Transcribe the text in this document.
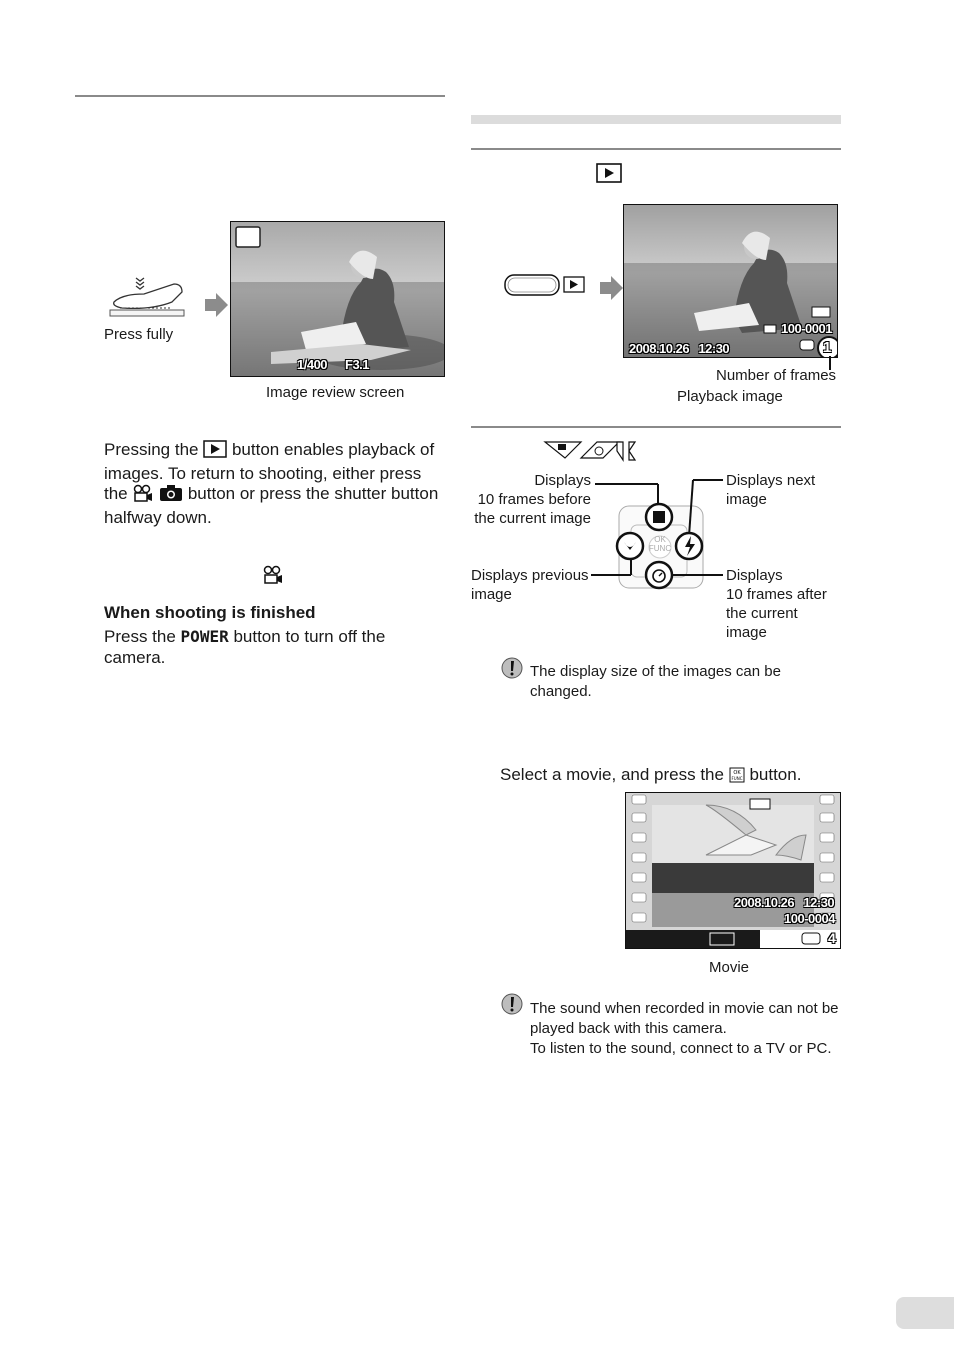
Press fully
1/400 F3.1
Image review screen
Pressing the button enables playback of images. To return to shooting, either press the	button or press the shutter button halfway down.
When shooting is finished
Press the POWER button to turn off the camera.
100-0001
2008.10.26   12:30	1
Number of frames
Playback image
OK
FUNC
Displays
10 frames before
the current image
Displays next
image
Displays previous
image
Displays
10 frames after
the current
image
The display size of the images can be changed.
Select a movie, and press the OK
FUNC button.
2008.10.26   12:30
100-0004
4
Movie
The sound when recorded in movie can not be played back with this camera.
To listen to the sound, connect to a TV or PC.
